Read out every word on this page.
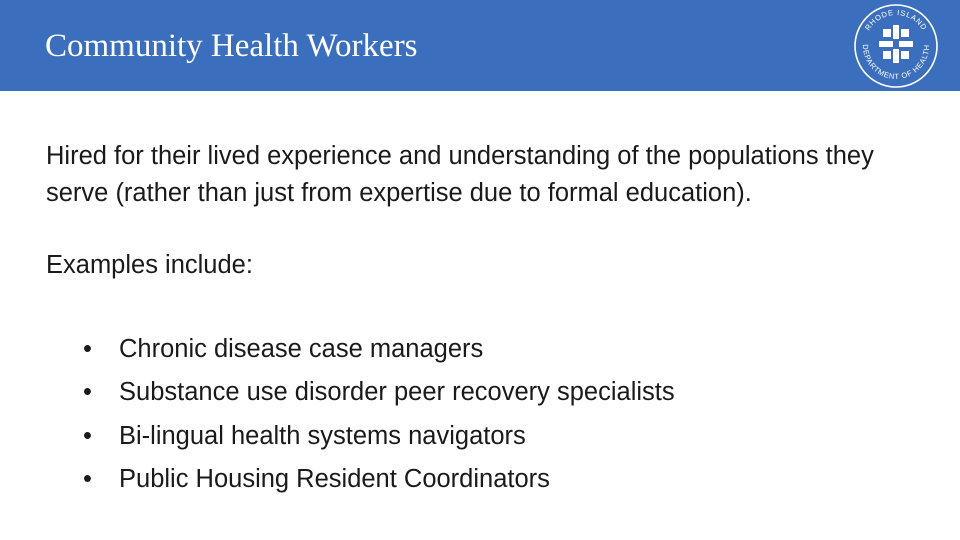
Community Health Workers
RHODE ISLAND
DEPARTMENT OF HEALTH

Hired for their lived experience and understanding of the populations they serve (rather than just from expertise due to formal education).

Examples include:

• Chronic disease case managers
• Substance use disorder peer recovery specialists
• Bi-lingual health systems navigators
• Public Housing Resident Coordinators
